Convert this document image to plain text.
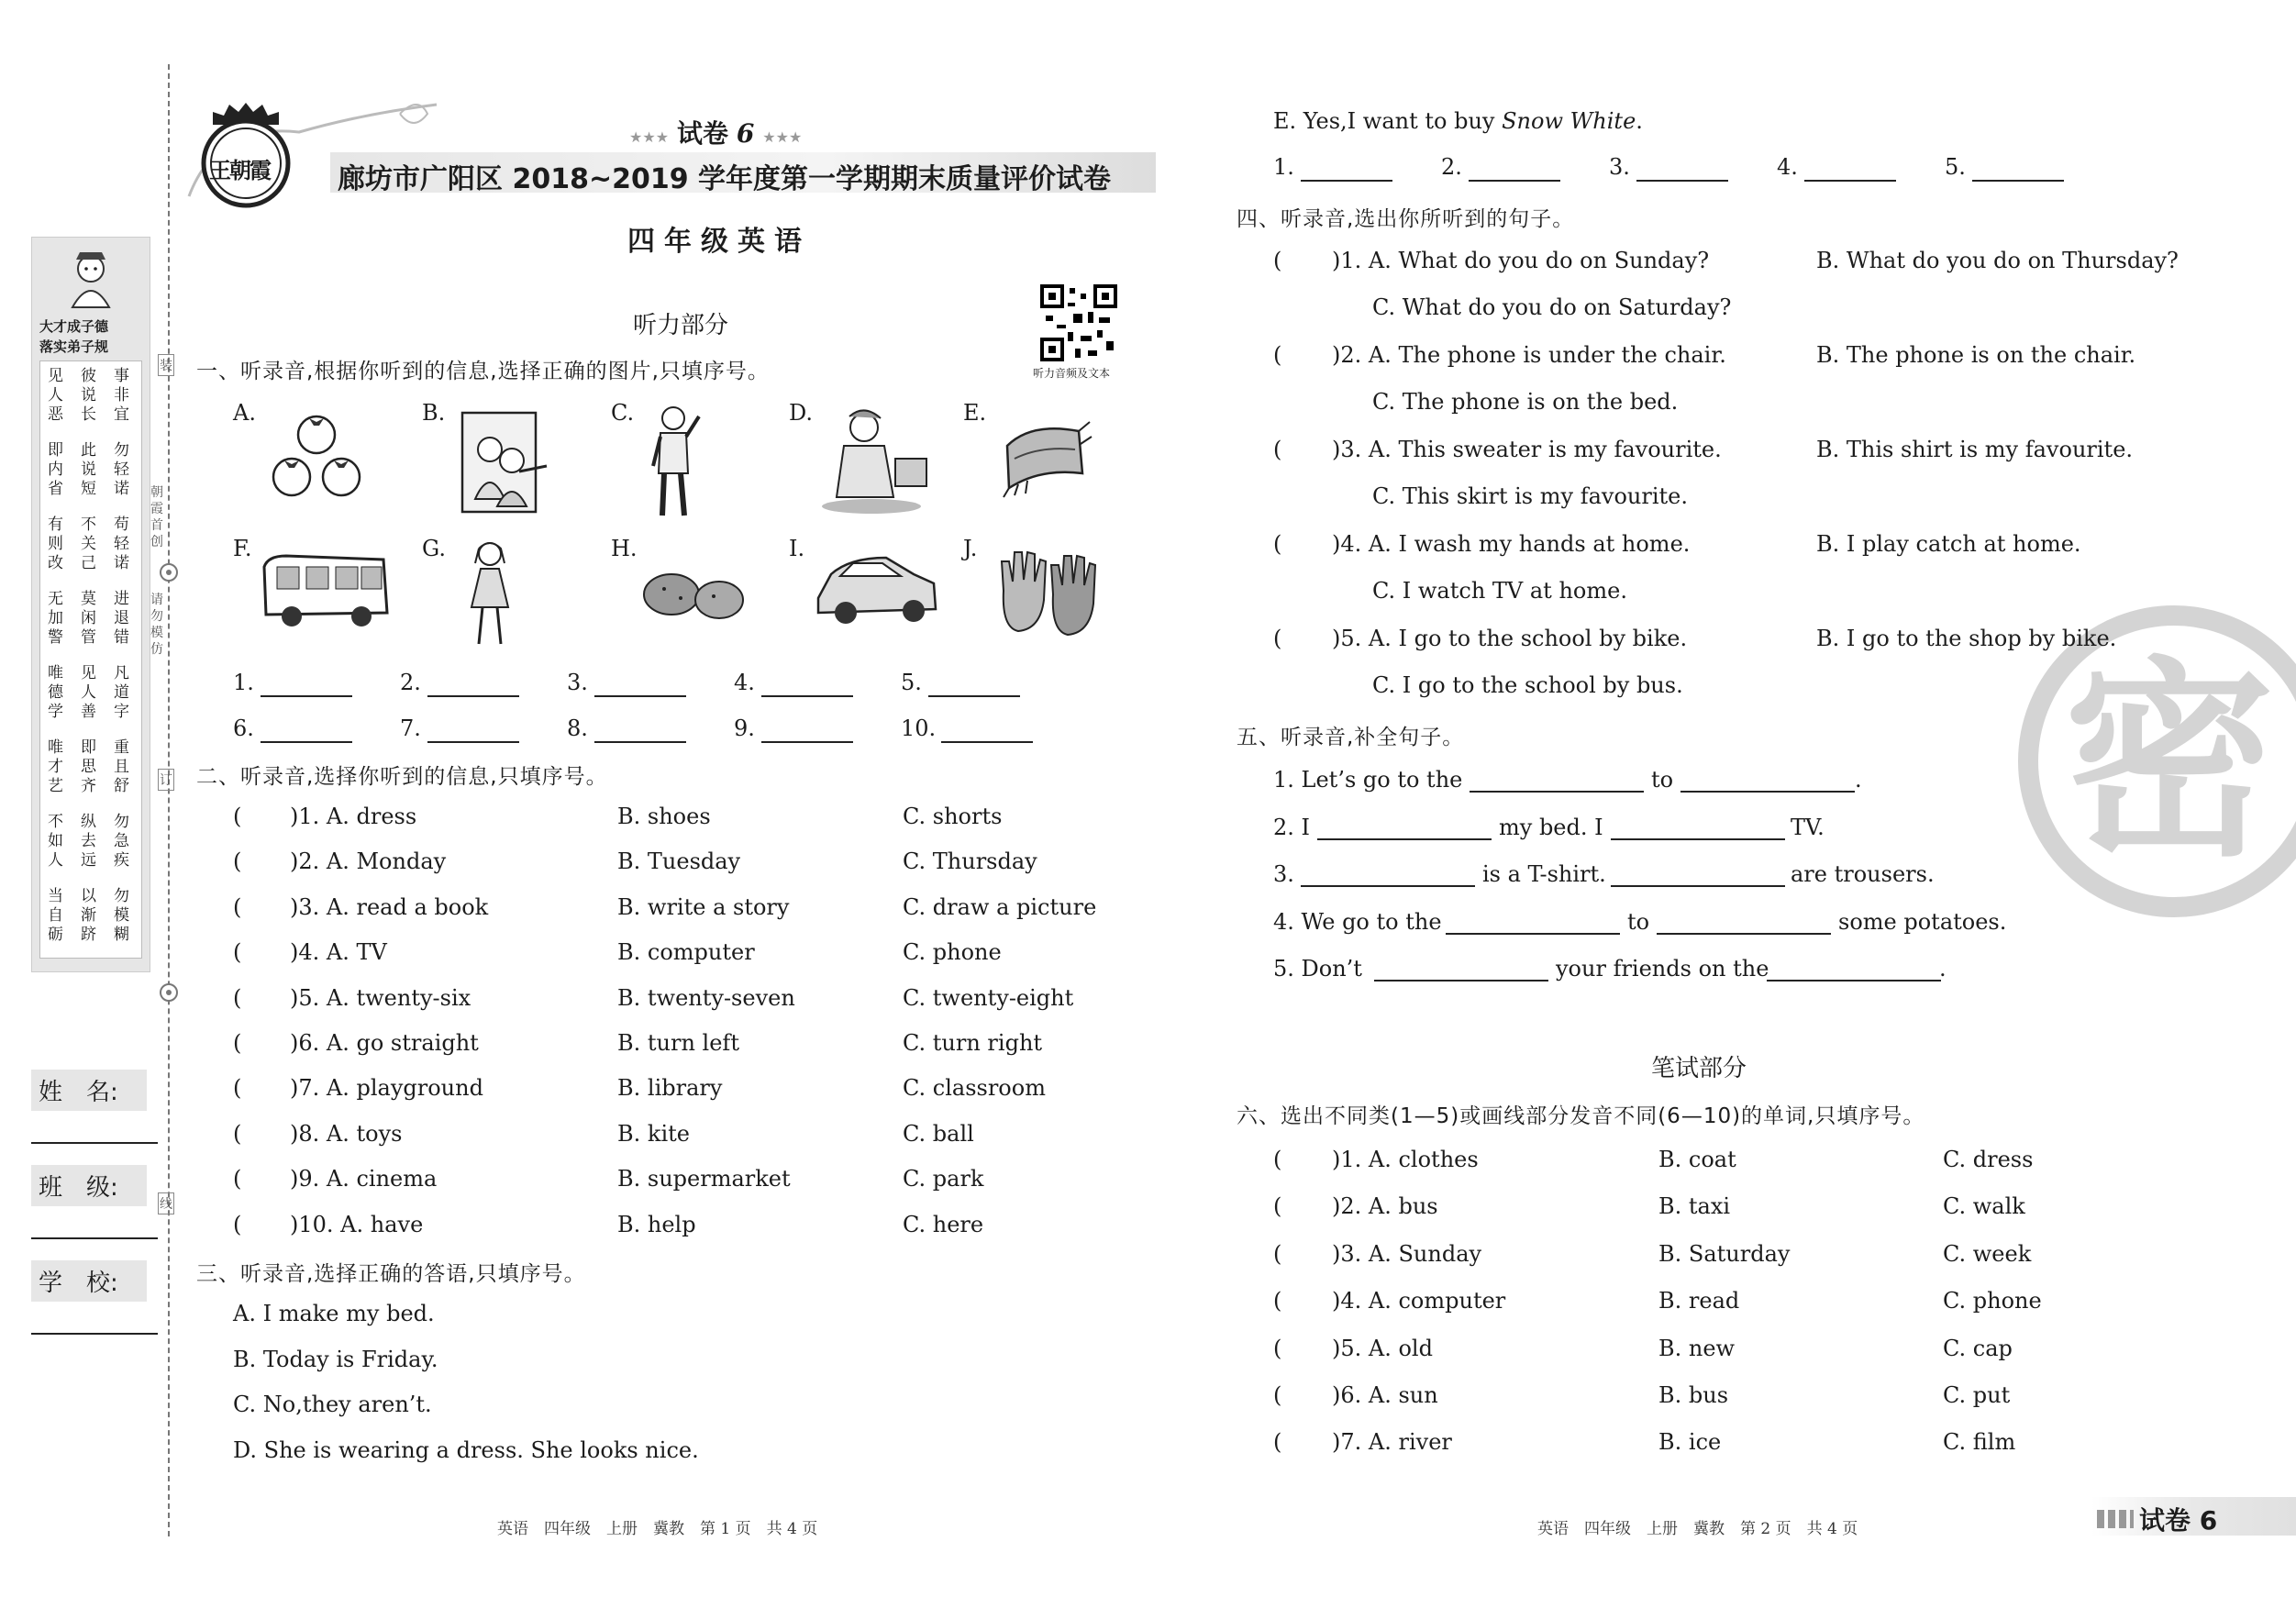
大才成子德
落实弟子规
见人恶
即内省
有则改
无加警
唯德学
唯才艺
不如人
当自砺
彼说长
此说短
不关己
莫闲管
见人善
即思齐
纵去远
以渐跻
事非宜
勿轻诺
苟轻诺
进退错
凡道字
重且舒
勿急疾
勿模糊
朝霞首创
请勿模仿
装
订
线
姓　名:
班　级:
学　校:
王朝霞
★★★ 试卷 6 ★★★
廊坊市广阳区 2018~2019 学年度第一学期期末质量评价试卷
四年级英语
听力音频及文本
听力部分
一、听录音,根据你听到的信息,选择正确的图片,只填序号。
二、听录音,选择你听到的信息,只填序号。
三、听录音,选择正确的答语,只填序号。
英语　四年级　上册　冀教　第 1 页　共 4 页
E. Yes,I want to buy Snow White.
四、听录音,选出你所听到的句子。
五、听录音,补全句子。
笔试部分
六、选出不同类(1—5)或画线部分发音不同(6—10)的单词,只填序号。
密
英语　四年级　上册　冀教　第 2 页　共 4 页	试卷 6
A.	B.	C.	D.	E.
F.	G.	H.	I.	J.
1.	2.	3.	4.	5.
6.	7.	8.	9.	10.
( )1. A. dress	B. shoes	C. shorts
( )2. A. Monday	B. Tuesday	C. Thursday
( )3. A. read a book	B. write a story	C. draw a picture
( )4. A. TV	B. computer	C. phone
( )5. A. twenty-six	B. twenty-seven	C. twenty-eight
( )6. A. go straight	B. turn left	C. turn right
( )7. A. playground	B. library	C. classroom
( )8. A. toys	B. kite	C. ball
( )9. A. cinema	B. supermarket	C. park
( )10. A. have	B. help	C. here
A. I make my bed.
B. Today is Friday.
C. No,they aren’t.
D. She is wearing a dress. She looks nice.
1.	2.	3.	4.	5.
( )1. A. What do you do on Sunday?	B. What do you do on Thursday?
C. What do you do on Saturday?
( )2. A. The phone is under the chair.	B. The phone is on the chair.
C. The phone is on the bed.
( )3. A. This sweater is my favourite.	B. This shirt is my favourite.
C. This skirt is my favourite.
( )4. A. I wash my hands at home.	B. I play catch at home.
C. I watch TV at home.
( )5. A. I go to the school by bike.	B. I go to the shop by bike.
C. I go to the school by bus.
1. Let’s go to the	to	.
2. I	my bed. I	TV.
3.	is a T-shirt.	are trousers.
4. We go to the	to	some potatoes.
5. Don’t	your friends on the	.
( )1. A. clothes	B. coat	C. dress
( )2. A. bus	B. taxi	C. walk
( )3. A. Sunday	B. Saturday	C. week
( )4. A. computer	B. read	C. phone
( )5. A. old	B. new	C. cap
( )6. A. sun	B. bus	C. put
( )7. A. river	B. ice	C. film
